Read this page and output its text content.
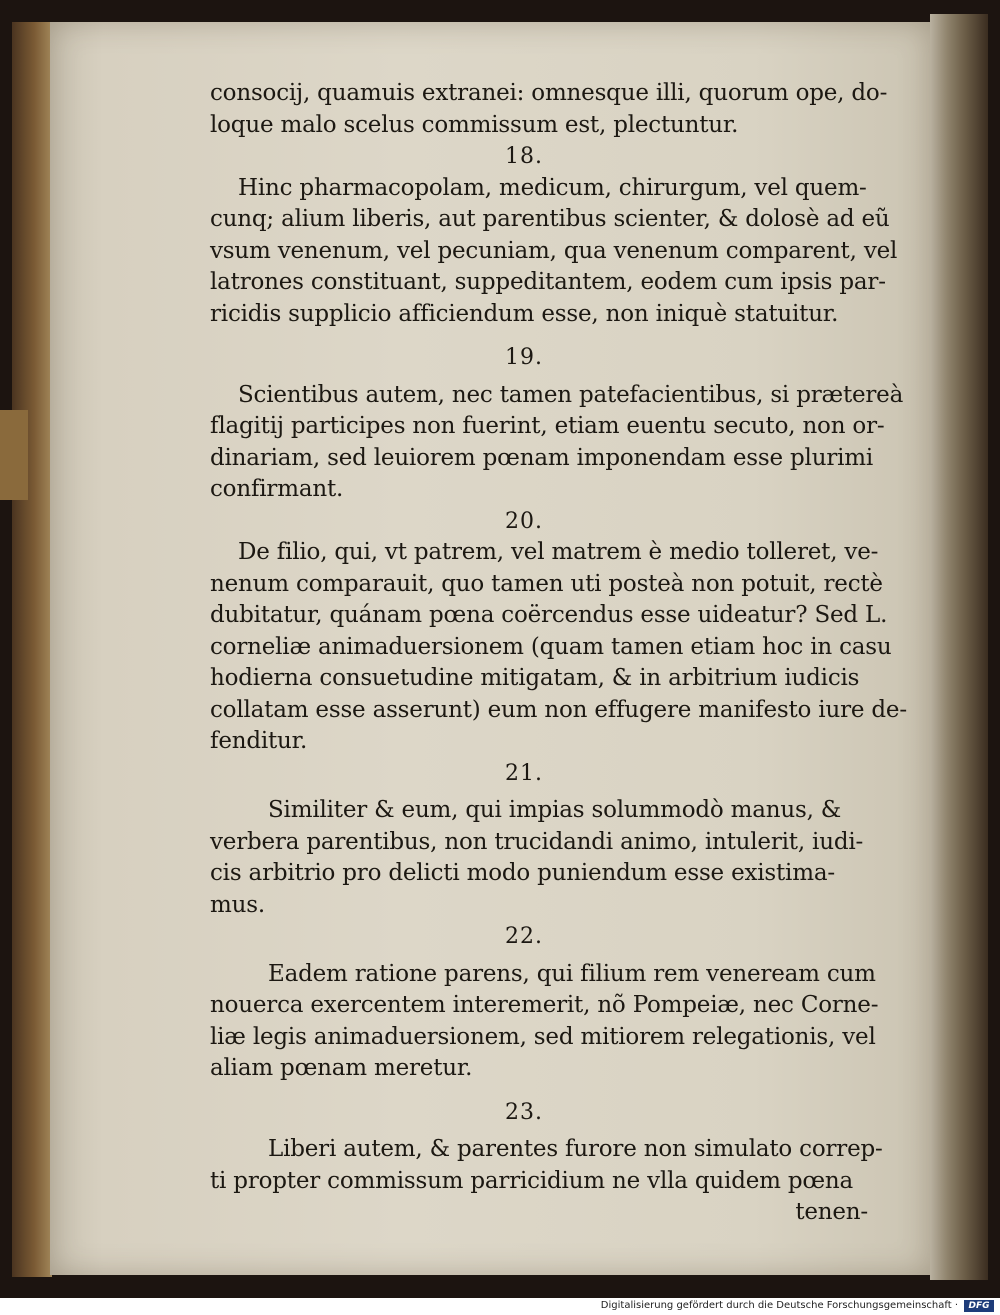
consocij, quamuis extranei: omnesque illi, quorum ope, do-
loque malo scelus commissum est, plectuntur.
18.
Hinc pharmacopolam, medicum, chirurgum, vel quem-
cunq; alium liberis, aut parentibus scienter, & dolosè ad eũ
vsum venenum, vel pecuniam, qua venenum comparent, vel
latrones constituant, suppeditantem, eodem cum ipsis par-
ricidis supplicio afficiendum esse, non iniquè statuitur.
19.
Scientibus autem, nec tamen patefacientibus, si prætereà
flagitij participes non fuerint, etiam euentu secuto, non or-
dinariam, sed leuiorem pœnam imponendam esse plurimi
confirmant.
20.
De filio, qui, vt patrem, vel matrem è medio tolleret, ve-
nenum comparauit, quo tamen uti posteà non potuit, rectè
dubitatur, quánam pœna coërcendus esse uideatur? Sed L.
corneliæ animaduersionem (quam tamen etiam hoc in casu
hodierna consuetudine mitigatam, & in arbitrium iudicis
collatam esse asserunt) eum non effugere manifesto iure de-
fenditur.
21.
Similiter & eum, qui impias solummodò manus, &
verbera parentibus, non trucidandi animo, intulerit, iudi-
cis arbitrio pro delicti modo puniendum esse existima-
mus.
22.
Eadem ratione parens, qui filium rem veneream cum
nouerca exercentem interemerit, nõ Pompeiæ, nec Corne-
liæ legis animaduersionem, sed mitiorem relegationis, vel
aliam pœnam meretur.
23.
Liberi autem, & parentes furore non simulato correp-
ti propter commissum parricidium ne vlla quidem pœna
tenen-
Digitalisierung gefördert durch die Deutsche Forschungsgemeinschaft ·	DFG
